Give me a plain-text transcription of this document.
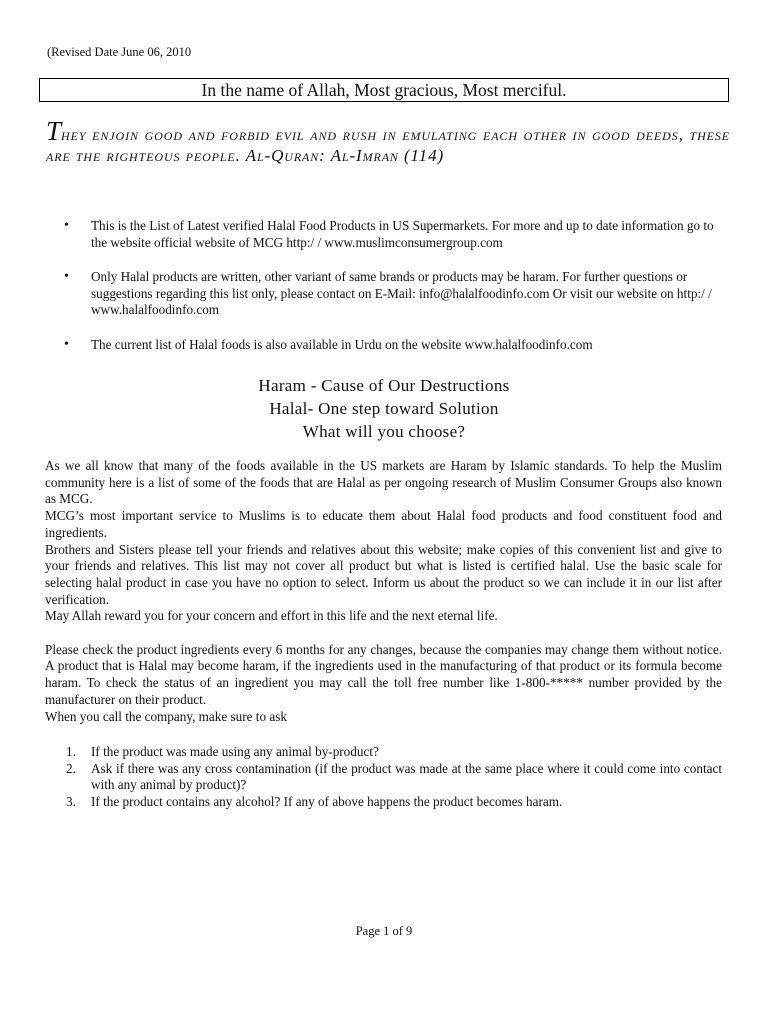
(Revised Date June 06, 2010
In the name of Allah, Most gracious, Most merciful.
They enjoin good and forbid evil and rush in emulating each other in good deeds, these are the righteous people. Al-Quran: Al-Imran (114)
• This is the List of Latest verified Halal Food Products in US Supermarkets. For more and up to date information go to the website official website of MCG http:/ / www.muslimconsumergroup.com
• Only Halal products are written, other variant of same brands or products may be haram. For further questions or suggestions regarding this list only, please contact on E-Mail: info@halalfoodinfo.com Or visit our website on http:/ / www.halalfoodinfo.com
• The current list of Halal foods is also available in Urdu on the website www.halalfoodinfo.com
Haram - Cause of Our Destructions
Halal- One step toward Solution
What will you choose?

As we all know that many of the foods available in the US markets are Haram by Islamic standards. To help the Muslim community here is a list of some of the foods that are Halal as per ongoing research of Muslim Consumer Groups also known as MCG.

MCG’s most important service to Muslims is to educate them about Halal food products and food constituent food and ingredients.

Brothers and Sisters please tell your friends and relatives about this website; make copies of this convenient list and give to your friends and relatives. This list may not cover all product but what is listed is certified halal. Use the basic scale for selecting halal product in case you have no option to select. Inform us about the product so we can include it in our list after verification.

May Allah reward you for your concern and effort in this life and the next eternal life.

Please check the product ingredients every 6 months for any changes, because the companies may change them without notice. A product that is Halal may become haram, if the ingredients used in the manufacturing of that product or its formula become haram. To check the status of an ingredient you may call the toll free number like 1-800-***** number provided by the manufacturer on their product.

When you call the company, make sure to ask

1. If the product was made using any animal by-product?
2. Ask if there was any cross contamination (if the product was made at the same place where it could come into contact with any animal by product)?
3. If the product contains any alcohol? If any of above happens the product becomes haram.
Page 1 of 9
